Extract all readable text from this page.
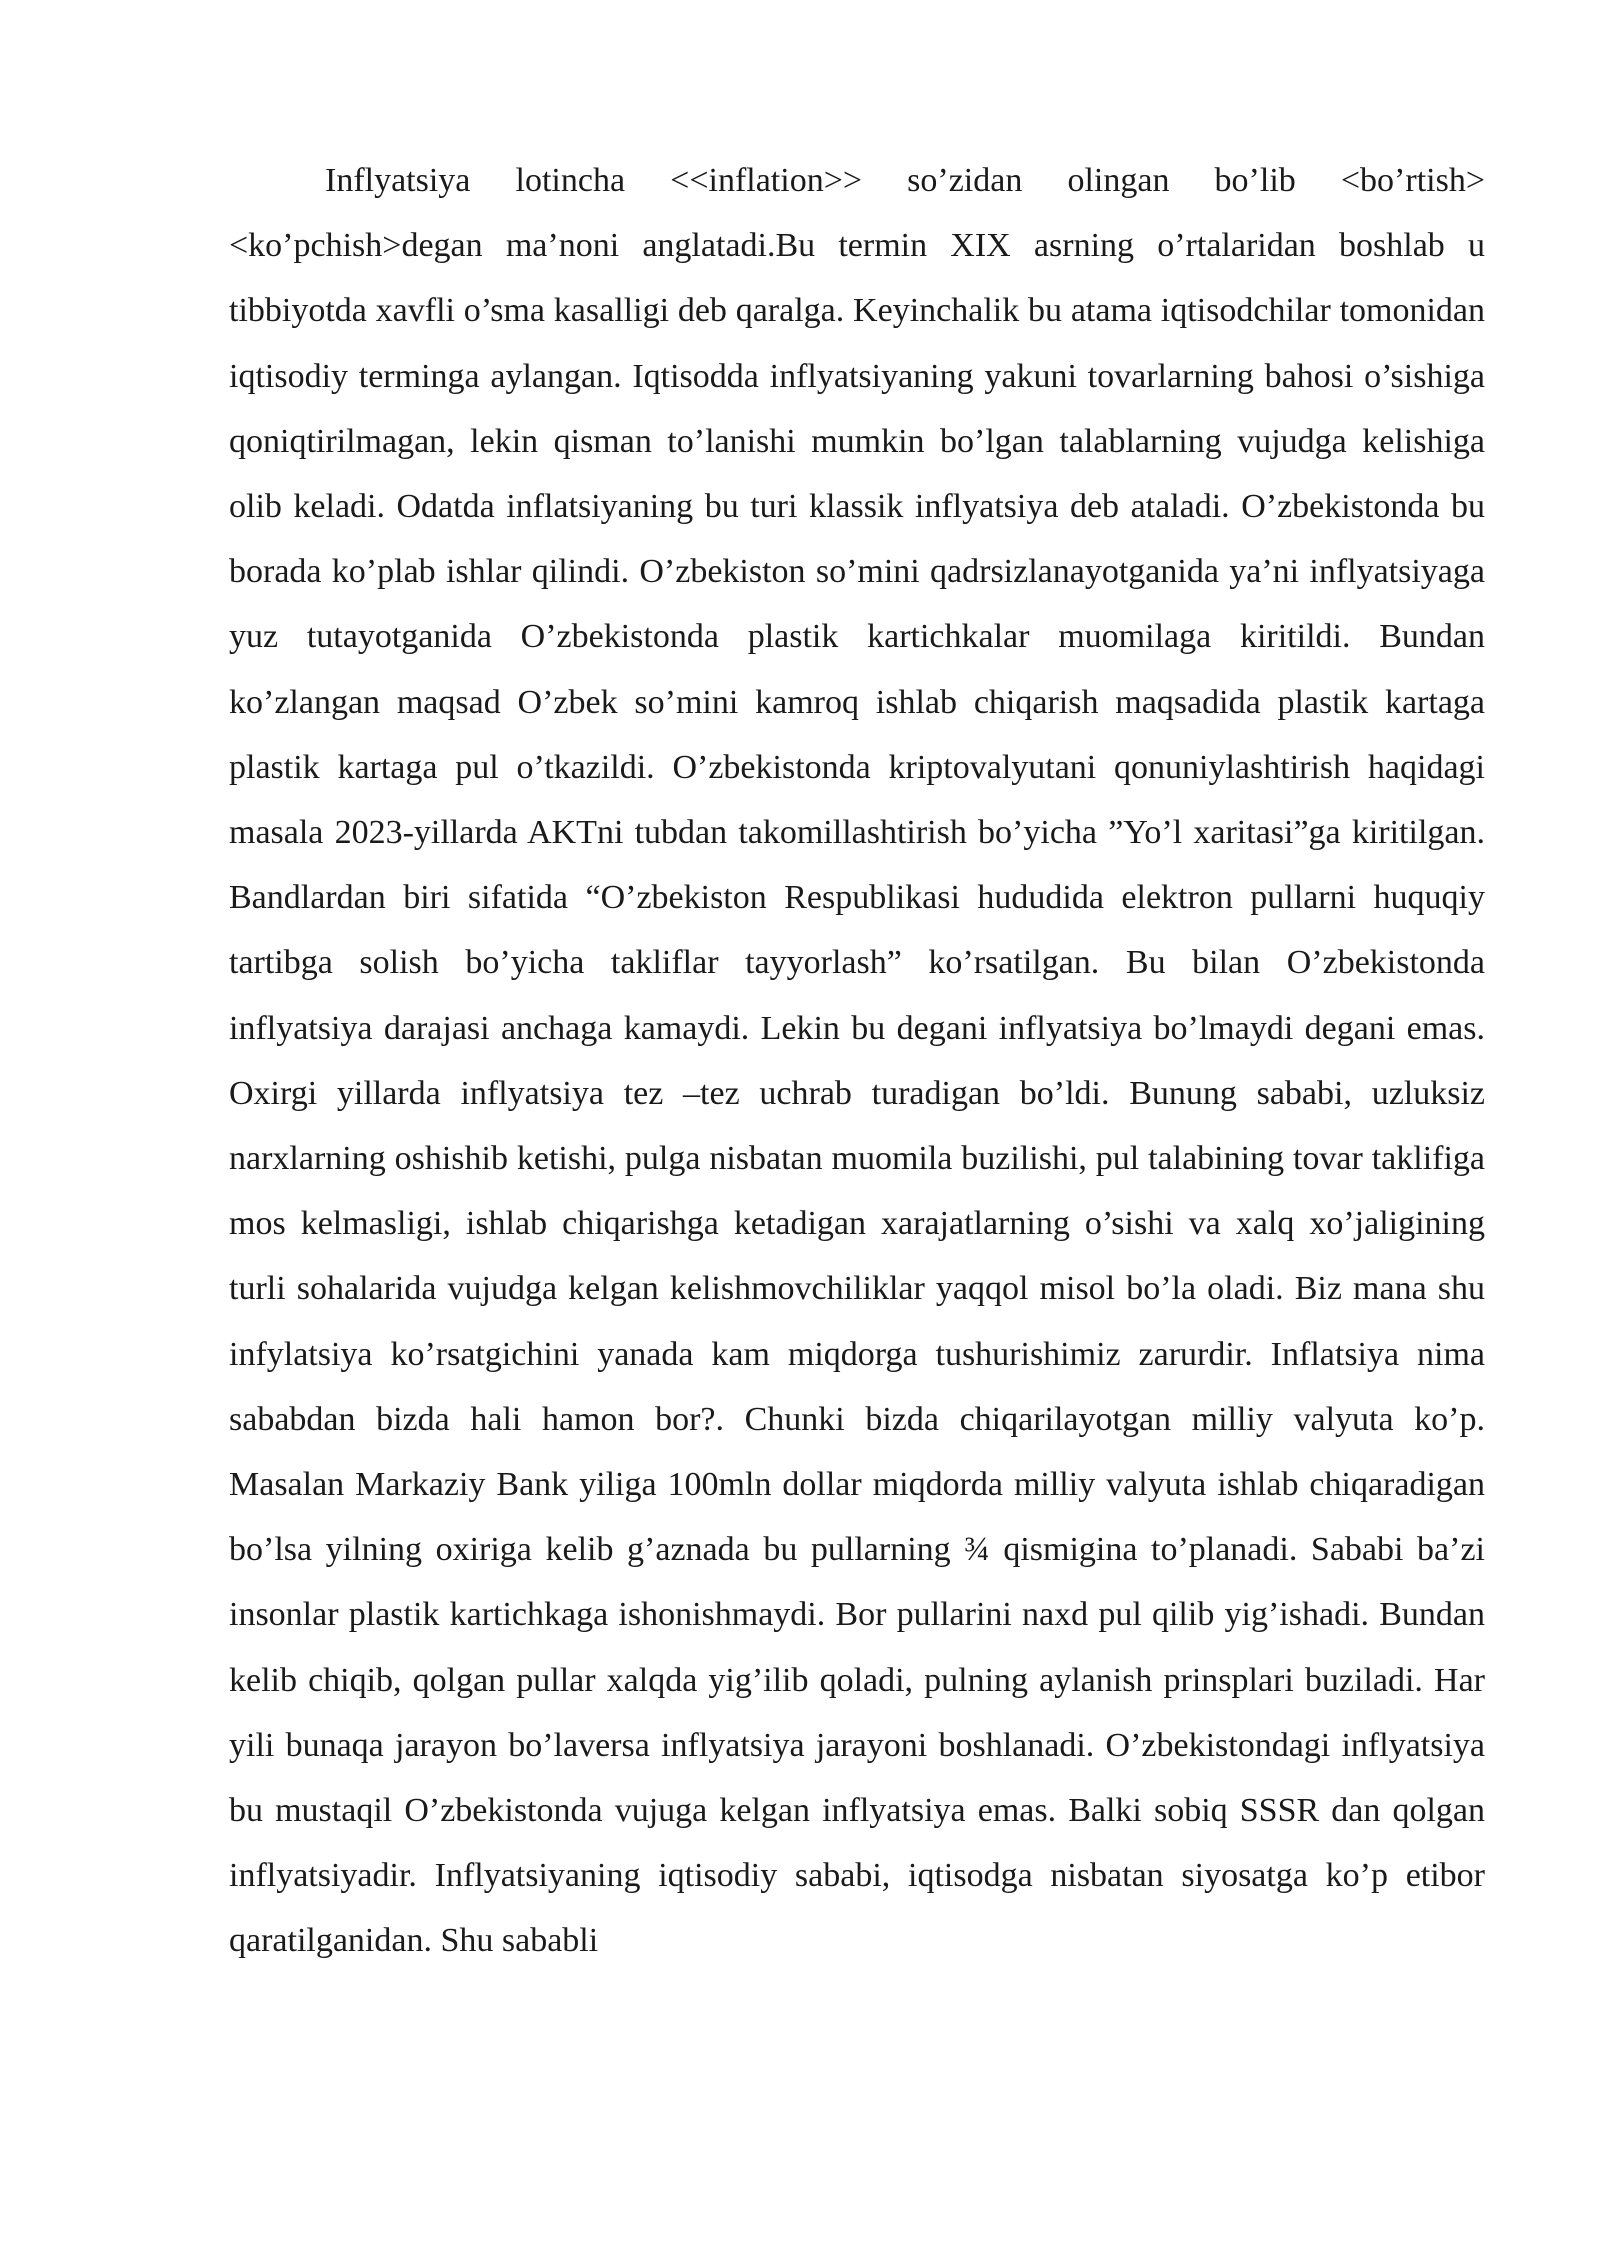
Inflyatsiya lotincha <<inflation>> so’zidan olingan bo’lib <bo’rtish> <ko’pchish>degan ma’noni anglatadi.Bu termin XIX asrning o’rtalaridan boshlab u tibbiyotda xavfli o’sma kasalligi deb qaralga. Keyinchalik bu atama iqtisodchilar tomonidan iqtisodiy terminga aylangan. Iqtisodda inflyatsiyaning yakuni tovarlarning bahosi o’sishiga qoniqtirilmagan, lekin qisman to’lanishi mumkin bo’lgan talablarning vujudga kelishiga olib keladi. Odatda inflatsiyaning bu turi klassik inflyatsiya deb ataladi. O’zbekistonda bu borada ko’plab ishlar qilindi. O’zbekiston so’mini qadrsizlanayotganida ya’ni inflyatsiyaga yuz tutayotganida O’zbekistonda plastik kartichkalar muomilaga kiritildi. Bundan ko’zlangan maqsad O’zbek so’mini kamroq ishlab chiqarish maqsadida plastik kartaga plastik kartaga pul o’tkazildi. O’zbekistonda kriptovalyutani qonuniylashtirish haqidagi masala 2023-yillarda AKTni tubdan takomillashtirish bo’yicha ”Yo’l xaritasi”ga kiritilgan. Bandlardan biri sifatida “O’zbekiston Respublikasi hududida elektron pullarni huquqiy tartibga solish bo’yicha takliflar tayyorlash” ko’rsatilgan. Bu bilan O’zbekistonda inflyatsiya darajasi anchaga kamaydi. Lekin bu degani inflyatsiya bo’lmaydi degani emas. Oxirgi yillarda inflyatsiya tez –tez uchrab turadigan bo’ldi. Bunung sababi, uzluksiz narxlarning oshishib ketishi, pulga nisbatan muomila buzilishi, pul talabining tovar taklifiga mos kelmasligi, ishlab chiqarishga ketadigan xarajatlarning o’sishi va xalq xo’jaligining turli sohalarida vujudga kelgan kelishmovchiliklar yaqqol misol bo’la oladi. Biz mana shu infylatsiya ko’rsatgichini yanada kam miqdorga tushurishimiz zarurdir. Inflatsiya nima sababdan bizda hali hamon bor?. Chunki bizda chiqarilayotgan milliy valyuta ko’p. Masalan Markaziy Bank yiliga 100mln dollar miqdorda milliy valyuta ishlab chiqaradigan bo’lsa yilning oxiriga kelib g’aznada bu pullarning ¾ qismigina to’planadi. Sababi ba’zi insonlar plastik kartichkaga ishonishmaydi. Bor pullarini naxd pul qilib yig’ishadi. Bundan kelib chiqib, qolgan pullar xalqda yig’ilib qoladi, pulning aylanish prinsplari buziladi. Har yili bunaqa jarayon bo’laversa inflyatsiya jarayoni boshlanadi. O’zbekistondagi inflyatsiya bu mustaqil O’zbekistonda vujuga kelgan inflyatsiya emas. Balki sobiq SSSR dan qolgan inflyatsiyadir. Inflyatsiyaning iqtisodiy sababi, iqtisodga nisbatan siyosatga ko’p etibor qaratilganidan. Shu sababli
